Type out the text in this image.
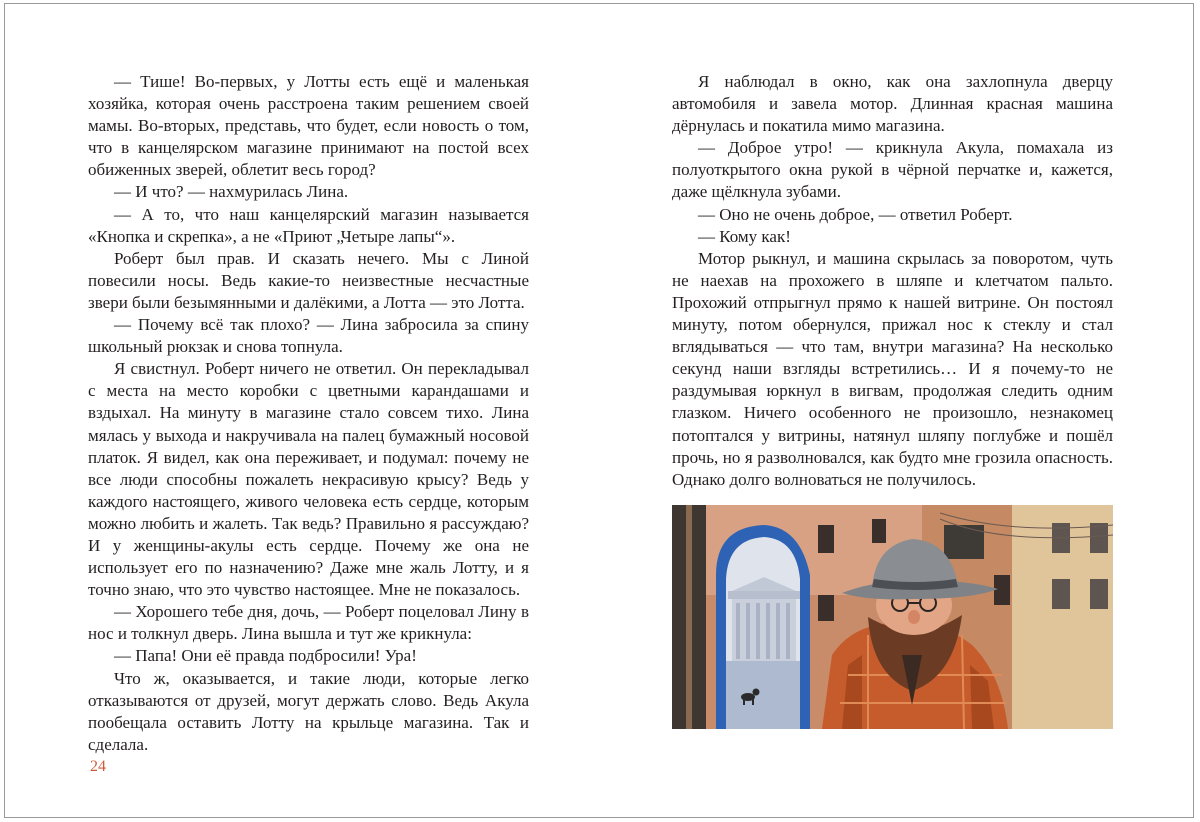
— Тише! Во-первых, у Лотты есть ещё и маленькая хозяйка, которая очень расстроена таким решением своей мамы. Во-вторых, представь, что будет, если новость о том, что в канцелярском магазине принимают на постой всех обиженных зверей, облетит весь город?

— И что? — нахмурилась Лина.

— А то, что наш канцелярский магазин называется «Кнопка и скрепка», а не «Приют „Четыре лапы“».

Роберт был прав. И сказать нечего. Мы с Линой повесили носы. Ведь какие-то неизвестные несчастные звери были безымянными и далёкими, а Лотта — это Лотта.

— Почему всё так плохо? — Лина забросила за спину школьный рюкзак и снова топнула.

Я свистнул. Роберт ничего не ответил. Он перекладывал с места на место коробки с цветными карандашами и вздыхал. На минуту в магазине стало совсем тихо. Лина мялась у выхода и накручивала на палец бумажный носовой платок. Я видел, как она переживает, и подумал: почему не все люди способны пожалеть некрасивую крысу? Ведь у каждого настоящего, живого человека есть сердце, которым можно любить и жалеть. Так ведь? Правильно я рассуждаю? И у женщины-акулы есть сердце. Почему же она не использует его по назначению? Даже мне жаль Лотту, и я точно знаю, что это чувство настоящее. Мне не показалось.

— Хорошего тебе дня, дочь, — Роберт поцеловал Лину в нос и толкнул дверь. Лина вышла и тут же крикнула:

— Папа! Они её правда подбросили! Ура!

Что ж, оказывается, и такие люди, которые легко отказываются от друзей, могут держать слово. Ведь Акула пообещала оставить Лотту на крыльце магазина. Так и сделала.

Я наблюдал в окно, как она захлопнула дверцу автомобиля и завела мотор. Длинная красная машина дёрнулась и покатила мимо магазина.

— Доброе утро! — крикнула Акула, помахала из полуоткрытого окна рукой в чёрной перчатке и, кажется, даже щёлкнула зубами.

— Оно не очень доброе, — ответил Роберт.

— Кому как!

Мотор рыкнул, и машина скрылась за поворотом, чуть не наехав на прохожего в шляпе и клетчатом пальто. Прохожий отпрыгнул прямо к нашей витрине. Он постоял минуту, потом обернулся, прижал нос к стеклу и стал вглядываться — что там, внутри магазина? На несколько секунд наши взгляды встретились… И я почему-то не раздумывая юркнул в вигвам, продолжая следить одним глазком. Ничего особенного не произошло, незнакомец потоптался у витрины, натянул шляпу поглубже и пошёл прочь, но я разволновался, как будто мне грозила опасность. Однако долго волноваться не получилось.

24
